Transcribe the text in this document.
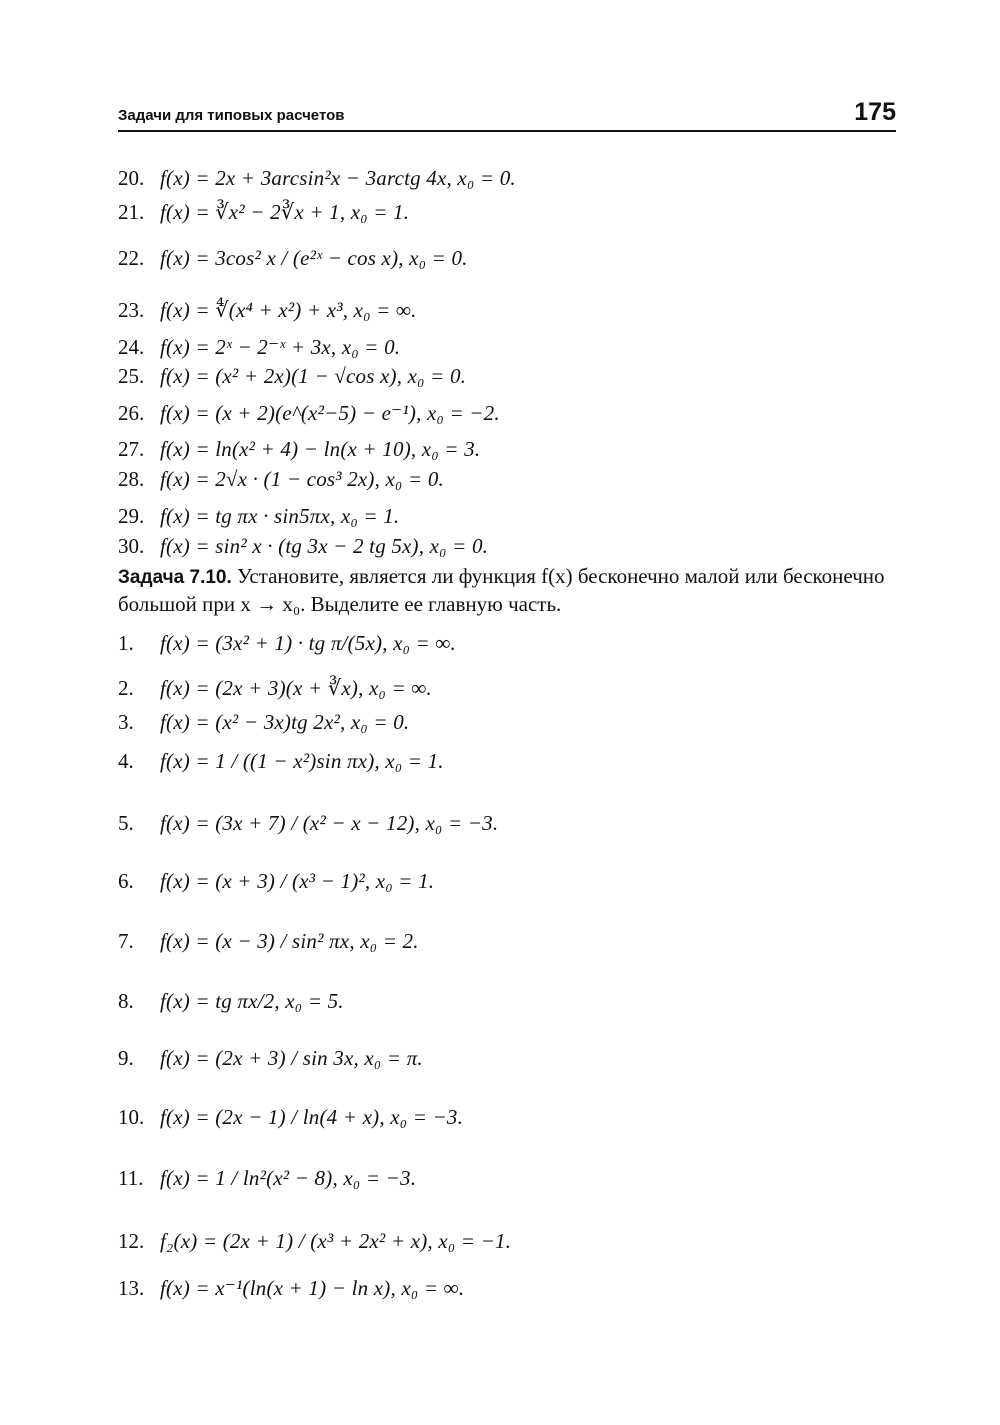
Задачи для типовых расчетов	175
20. f(x) = 2x + 3arcsin²x − 3arctg 4x, x₀ = 0.
21. f(x) = ∛x² − 2∛x + 1, x₀ = 1.
22. f(x) = 3cos² x / (e²ˣ − cos x), x₀ = 0.
23. f(x) = ∜(x⁴ + x²) + x³, x₀ = ∞.
24. f(x) = 2ˣ − 2⁻ˣ + 3x, x₀ = 0.
25. f(x) = (x² + 2x)(1 − √cos x), x₀ = 0.
26. f(x) = (x + 2)(e^(x²−5) − e⁻¹), x₀ = −2.
27. f(x) = ln(x² + 4) − ln(x + 10), x₀ = 3.
28. f(x) = 2√x · (1 − cos³ 2x), x₀ = 0.
29. f(x) = tg πx · sin5πx, x₀ = 1.
30. f(x) = sin² x · (tg 3x − 2 tg 5x), x₀ = 0.
Задача 7.10. Установите, является ли функция f(x) бесконечно малой или бесконечно большой при x → x₀. Выделите ее главную часть.
1. f(x) = (3x² + 1) · tg π/(5x), x₀ = ∞.
2. f(x) = (2x + 3)(x + ∛x), x₀ = ∞.
3. f(x) = (x² − 3x)tg 2x², x₀ = 0.
4. f(x) = 1 / ((1 − x²)sin πx), x₀ = 1.
5. f(x) = (3x + 7) / (x² − x − 12), x₀ = −3.
6. f(x) = (x + 3) / (x³ − 1)², x₀ = 1.
7. f(x) = (x − 3) / sin² πx, x₀ = 2.
8. f(x) = tg πx/2, x₀ = 5.
9. f(x) = (2x + 3) / sin 3x, x₀ = π.
10. f(x) = (2x − 1) / ln(4 + x), x₀ = −3.
11. f(x) = 1 / ln²(x² − 8), x₀ = −3.
12. f₂(x) = (2x + 1) / (x³ + 2x² + x), x₀ = −1.
13. f(x) = x⁻¹(ln(x + 1) − ln x), x₀ = ∞.
